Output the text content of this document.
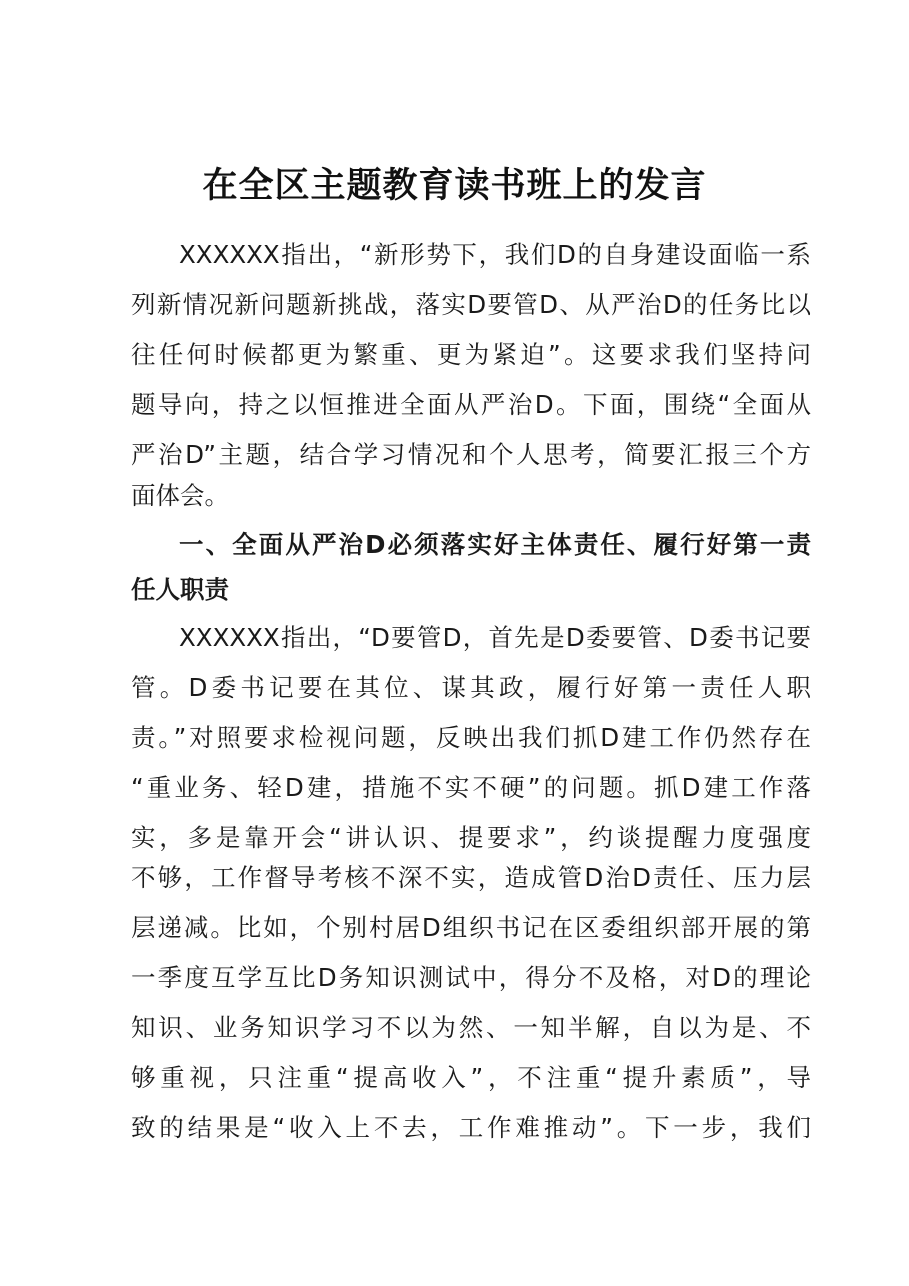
在全区主题教育读书班上的发言

XXXXXX指出，“新形势下，我们D的自身建设面临一系

列新情况新问题新挑战，落实D要管D、从严治D的任务比以

往任何时候都更为繁重、更为紧迫”。这要求我们坚持问

题导向，持之以恒推进全面从严治D。下面，围绕“全面从

严治D”主题，结合学习情况和个人思考，简要汇报三个方

面体会。

一、全面从严治D必须落实好主体责任、履行好第一责

任人职责

XXXXXX指出，“D要管D，首先是D委要管、D委书记要

管。D委书记要在其位、谋其政，履行好第一责任人职

责。”对照要求检视问题，反映出我们抓D建工作仍然存在

“重业务、轻D建，措施不实不硬”的问题。抓D建工作落

实，多是靠开会“讲认识、提要求”，约谈提醒力度强度

不够，工作督导考核不深不实，造成管D治D责任、压力层

层递减。比如，个别村居D组织书记在区委组织部开展的第

一季度互学互比D务知识测试中，得分不及格，对D的理论

知识、业务知识学习不以为然、一知半解，自以为是、不

够重视，只注重“提高收入”，不注重“提升素质”，导

致的结果是“收入上不去，工作难推动”。下一步，我们
